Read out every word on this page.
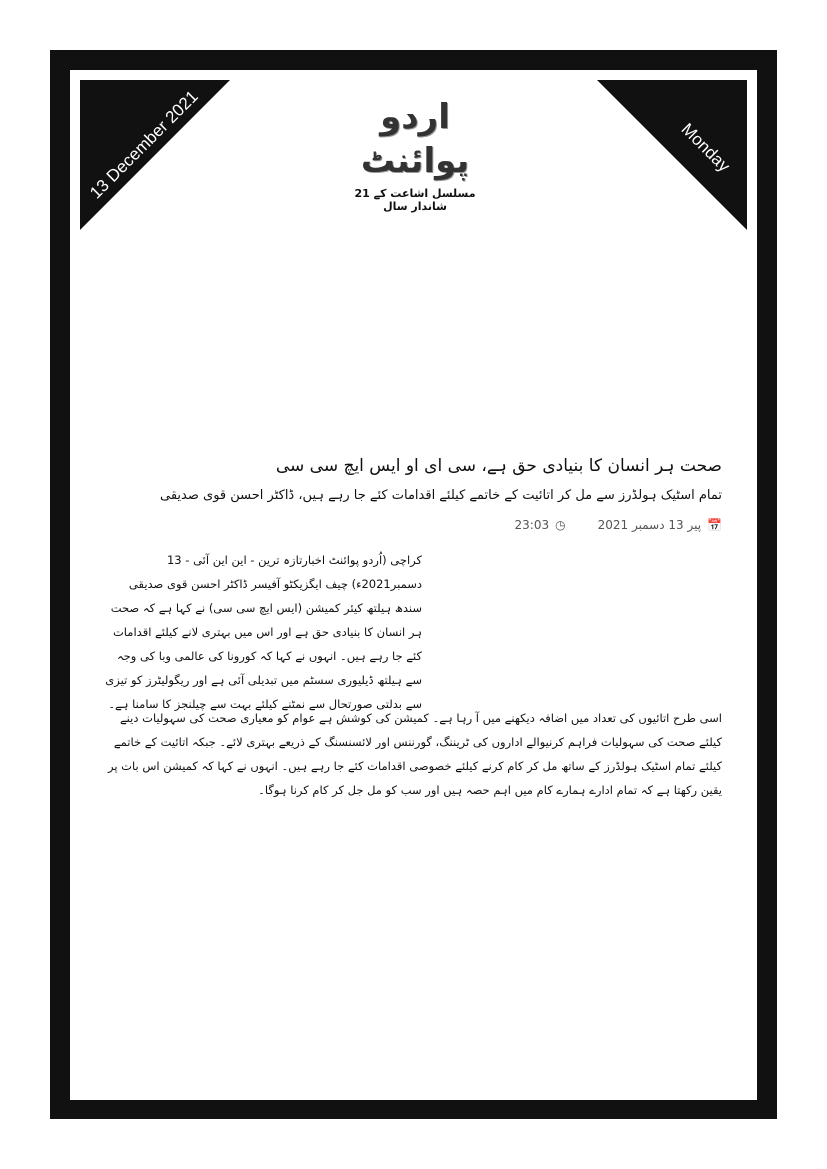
13 December 2021	Monday
اردو پوائنٹ
مسلسل اشاعت کے 21 شاندار سال
صحت ہر انسان کا بنیادی حق ہے، سی ای او ایس ایچ سی سی
تمام اسٹیک ہولڈرز سے مل کر اتائیت کے خاتمے کیلئے اقدامات کئے جا رہے ہیں، ڈاکٹر احسن قوی صدیقی
📅
پیر 13 دسمبر 2021
◷
23:03
کراچی (اُردو پوائنٹ اخبارتازہ ترین - این این آئی - 13 دسمبر2021ء) چیف ایگزیکٹو آفیسر ڈاکٹر احسن قوی صدیقی سندھ ہیلتھ کیئر کمیشن (ایس ایچ سی سی) نے کہا ہے کہ صحت ہر انسان کا بنیادی حق ہے اور اس میں بہتری لانے کیلئے اقدامات کئے جا رہے ہیں۔ انہوں نے کہا کہ کورونا کی عالمی وبا کی وجہ سے ہیلتھ ڈیلیوری سسٹم میں تبدیلی آئی ہے اور ریگولیٹرز کو تیزی سے بدلتی صورتحال سے نمٹنے کیلئے بہت سے چیلنجز کا سامنا ہے۔
اسی طرح اتائیوں کی تعداد میں اضافہ دیکھنے میں آ رہا ہے۔ کمیشن کی کوشش ہے عوام کو معیاری صحت کی سہولیات دینے کیلئے صحت کی سہولیات فراہم کرنیوالے اداروں کی ٹریننگ، گورننس اور لائسنسنگ کے ذریعے بہتری لائے۔ جبکہ اتائیت کے خاتمے کیلئے تمام اسٹیک ہولڈرز کے ساتھ مل کر کام کرنے کیلئے خصوصی اقدامات کئے جا رہے ہیں۔ انہوں نے کہا کہ کمیشن اس بات پر یقین رکھتا ہے کہ تمام ادارے ہمارے کام میں اہم حصہ ہیں اور سب کو مل جل کر کام کرنا ہوگا۔
